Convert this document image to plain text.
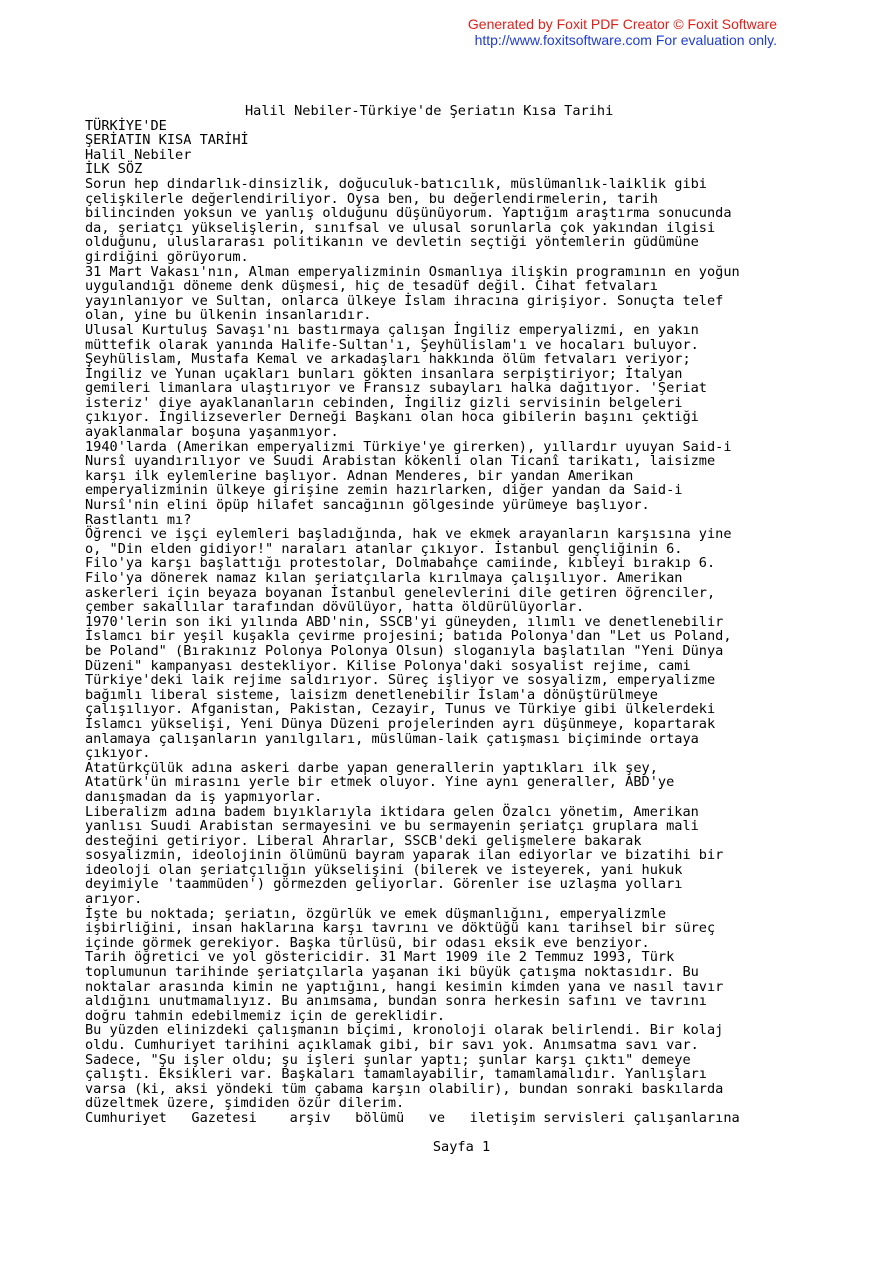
Generated by Foxit PDF Creator © Foxit Software
http://www.foxitsoftware.com For evaluation only.
Halil Nebiler-Türkiye'de Şeriatın Kısa Tarihi
TÜRKİYE'DE
ŞERİATIN KISA TARİHİ
Halil Nebiler
İLK SÖZ
Sorun hep dindarlık-dinsizlik, doğuculuk-batıcılık, müslümanlık-laiklik gibi
çelişkilerle değerlendiriliyor. Oysa ben, bu değerlendirmelerin, tarih
bilincinden yoksun ve yanlış olduğunu düşünüyorum. Yaptığım araştırma sonucunda
da, şeriatçı yükselişlerin, sınıfsal ve ulusal sorunlarla çok yakından ilgisi
olduğunu, uluslararası politikanın ve devletin seçtiği yöntemlerin güdümüne
girdiğini görüyorum.
31 Mart Vakası'nın, Alman emperyalizminin Osmanlıya ilişkin programının en yoğun
uygulandığı döneme denk düşmesi, hiç de tesadüf değil. Cihat fetvaları
yayınlanıyor ve Sultan, onlarca ülkeye İslam ihracına girişiyor. Sonuçta telef
olan, yine bu ülkenin insanlarıdır.
Ulusal Kurtuluş Savaşı'nı bastırmaya çalışan İngiliz emperyalizmi, en yakın
müttefik olarak yanında Halife-Sultan'ı, Şeyhülislam'ı ve hocaları buluyor.
Şeyhülislam, Mustafa Kemal ve arkadaşları hakkında ölüm fetvaları veriyor;
İngiliz ve Yunan uçakları bunları gökten insanlara serpiştiriyor; İtalyan
gemileri limanlara ulaştırıyor ve Fransız subayları halka dağıtıyor. 'Şeriat
isteriz' diye ayaklananların cebinden, İngiliz gizli servisinin belgeleri
çıkıyor. İngilizseverler Derneği Başkanı olan hoca gibilerin başını çektiği
ayaklanmalar boşuna yaşanmıyor.
1940'larda (Amerikan emperyalizmi Türkiye'ye girerken), yıllardır uyuyan Said-i
Nursî uyandırılıyor ve Suudi Arabistan kökenli olan Ticanî tarikatı, laisizme
karşı ilk eylemlerine başlıyor. Adnan Menderes, bir yandan Amerikan
emperyalizminin ülkeye girişine zemin hazırlarken, diğer yandan da Said-i
Nursî'nin elini öpüp hilafet sancağının gölgesinde yürümeye başlıyor.
Rastlantı mı?
Öğrenci ve işçi eylemleri başladığında, hak ve ekmek arayanların karşısına yine
o, "Din elden gidiyor!" naraları atanlar çıkıyor. İstanbul gençliğinin 6.
Filo'ya karşı başlattığı protestolar, Dolmabahçe camiinde, kıbleyi bırakıp 6.
Filo'ya dönerek namaz kılan şeriatçılarla kırılmaya çalışılıyor. Amerikan
askerleri için beyaza boyanan İstanbul genelevlerini dile getiren öğrenciler,
çember sakallılar tarafından dövülüyor, hatta öldürülüyorlar.
1970'lerin son iki yılında ABD'nin, SSCB'yi güneyden, ılımlı ve denetlenebilir
İslamcı bir yeşil kuşakla çevirme projesini; batıda Polonya'dan "Let us Poland,
be Poland" (Bırakınız Polonya Polonya Olsun) sloganıyla başlatılan "Yeni Dünya
Düzeni" kampanyası destekliyor. Kilise Polonya'daki sosyalist rejime, cami
Türkiye'deki laik rejime saldırıyor. Süreç işliyor ve sosyalizm, emperyalizme
bağımlı liberal sisteme, laisizm denetlenebilir İslam'a dönüştürülmeye
çalışılıyor. Afganistan, Pakistan, Cezayir, Tunus ve Türkiye gibi ülkelerdeki
İslamcı yükselişi, Yeni Dünya Düzeni projelerinden ayrı düşünmeye, kopartarak
anlamaya çalışanların yanılgıları, müslüman-laik çatışması biçiminde ortaya
çıkıyor.
Atatürkçülük adına askeri darbe yapan generallerin yaptıkları ilk şey,
Atatürk'ün mirasını yerle bir etmek oluyor. Yine aynı generaller, ABD'ye
danışmadan da iş yapmıyorlar.
Liberalizm adına badem bıyıklarıyla iktidara gelen Özalcı yönetim, Amerikan
yanlısı Suudi Arabistan sermayesini ve bu sermayenin şeriatçı gruplara mali
desteğini getiriyor. Liberal Ahrarlar, SSCB'deki gelişmelere bakarak
sosyalizmin, ideolojinin ölümünü bayram yaparak ilan ediyorlar ve bizatihi bir
ideoloji olan şeriatçılığın yükselişini (bilerek ve isteyerek, yani hukuk
deyimiyle 'taammüden') görmezden geliyorlar. Görenler ise uzlaşma yolları
arıyor.
İşte bu noktada; şeriatın, özgürlük ve emek düşmanlığını, emperyalizmle
işbirliğini, insan haklarına karşı tavrını ve döktüğü kanı tarihsel bir süreç
içinde görmek gerekiyor. Başka türlüsü, bir odası eksik eve benziyor.
Tarih öğretici ve yol göstericidir. 31 Mart 1909 ile 2 Temmuz 1993, Türk
toplumunun tarihinde şeriatçılarla yaşanan iki büyük çatışma noktasıdır. Bu
noktalar arasında kimin ne yaptığını, hangi kesimin kimden yana ve nasıl tavır
aldığını unutmamalıyız. Bu anımsama, bundan sonra herkesin safını ve tavrını
doğru tahmin edebilmemiz için de gereklidir.
Bu yüzden elinizdeki çalışmanın biçimi, kronoloji olarak belirlendi. Bir kolaj
oldu. Cumhuriyet tarihini açıklamak gibi, bir savı yok. Anımsatma savı var.
Sadece, "Şu işler oldu; şu işleri şunlar yaptı; şunlar karşı çıktı" demeye
çalıştı. Eksikleri var. Başkaları tamamlayabilir, tamamlamalıdır. Yanlışları
varsa (ki, aksi yöndeki tüm çabama karşın olabilir), bundan sonraki baskılarda
düzeltmek üzere, şimdiden özür dilerim.
Cumhuriyet   Gazetesi    arşiv   bölümü   ve   iletişim servisleri çalışanlarına
Sayfa 1
